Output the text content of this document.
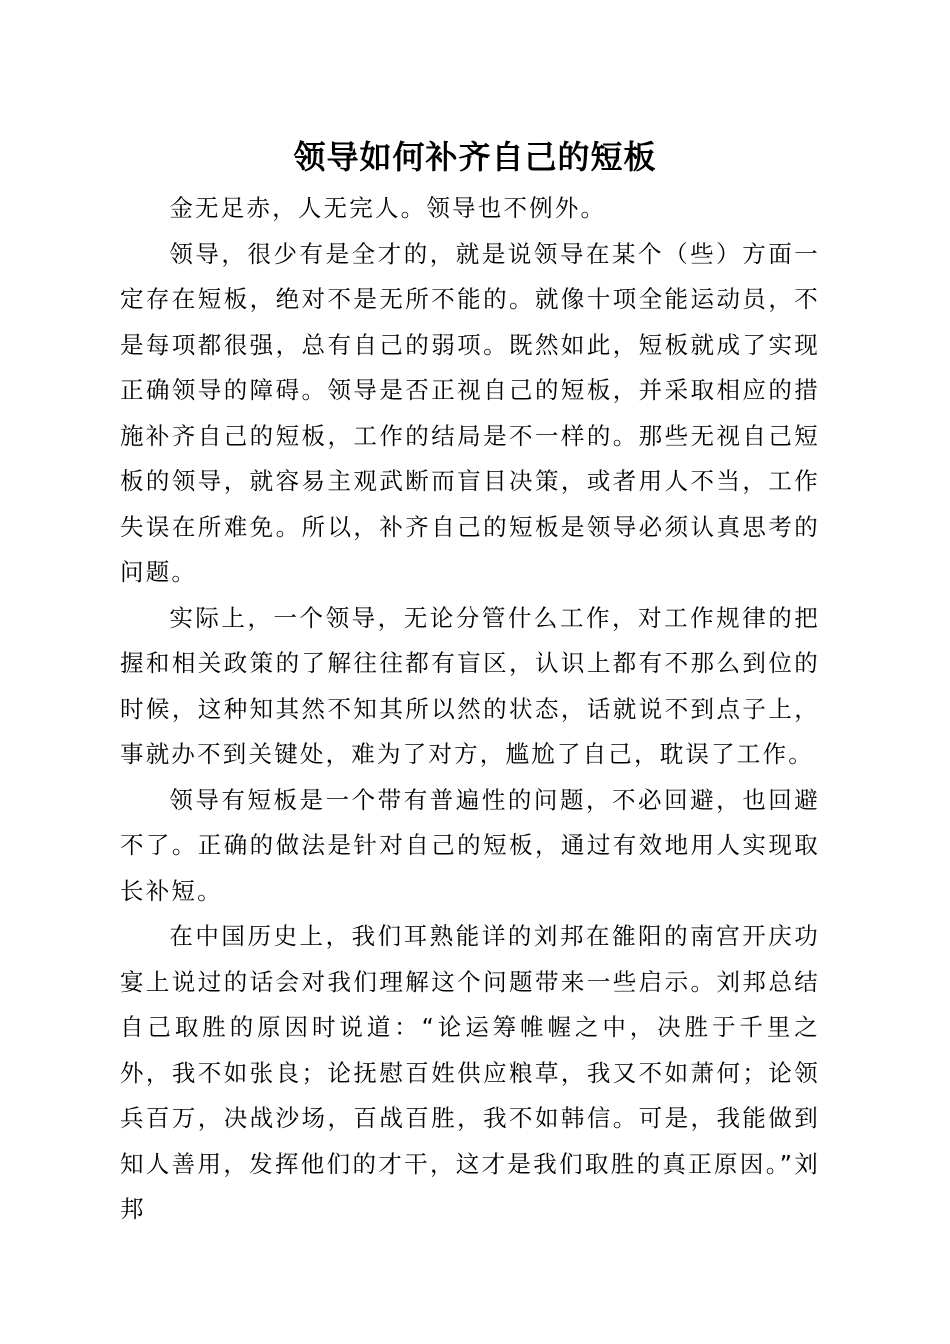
领导如何补齐自己的短板

金无足赤，人无完人。领导也不例外。

领导，很少有是全才的，就是说领导在某个（些）方面一定存在短板，绝对不是无所不能的。就像十项全能运动员，不是每项都很强，总有自己的弱项。既然如此，短板就成了实现正确领导的障碍。领导是否正视自己的短板，并采取相应的措施补齐自己的短板，工作的结局是不一样的。那些无视自己短板的领导，就容易主观武断而盲目决策，或者用人不当，工作失误在所难免。所以，补齐自己的短板是领导必须认真思考的问题。

实际上，一个领导，无论分管什么工作，对工作规律的把握和相关政策的了解往往都有盲区，认识上都有不那么到位的时候，这种知其然不知其所以然的状态，话就说不到点子上，事就办不到关键处，难为了对方，尴尬了自己，耽误了工作。

领导有短板是一个带有普遍性的问题，不必回避，也回避不了。正确的做法是针对自己的短板，通过有效地用人实现取长补短。

在中国历史上，我们耳熟能详的刘邦在雒阳的南宫开庆功宴上说过的话会对我们理解这个问题带来一些启示。刘邦总结自己取胜的原因时说道：“论运筹帷幄之中，决胜于千里之外，我不如张良；论抚慰百姓供应粮草，我又不如萧何；论领兵百万，决战沙场，百战百胜，我不如韩信。可是，我能做到知人善用，发挥他们的才干，这才是我们取胜的真正原因。”刘邦
